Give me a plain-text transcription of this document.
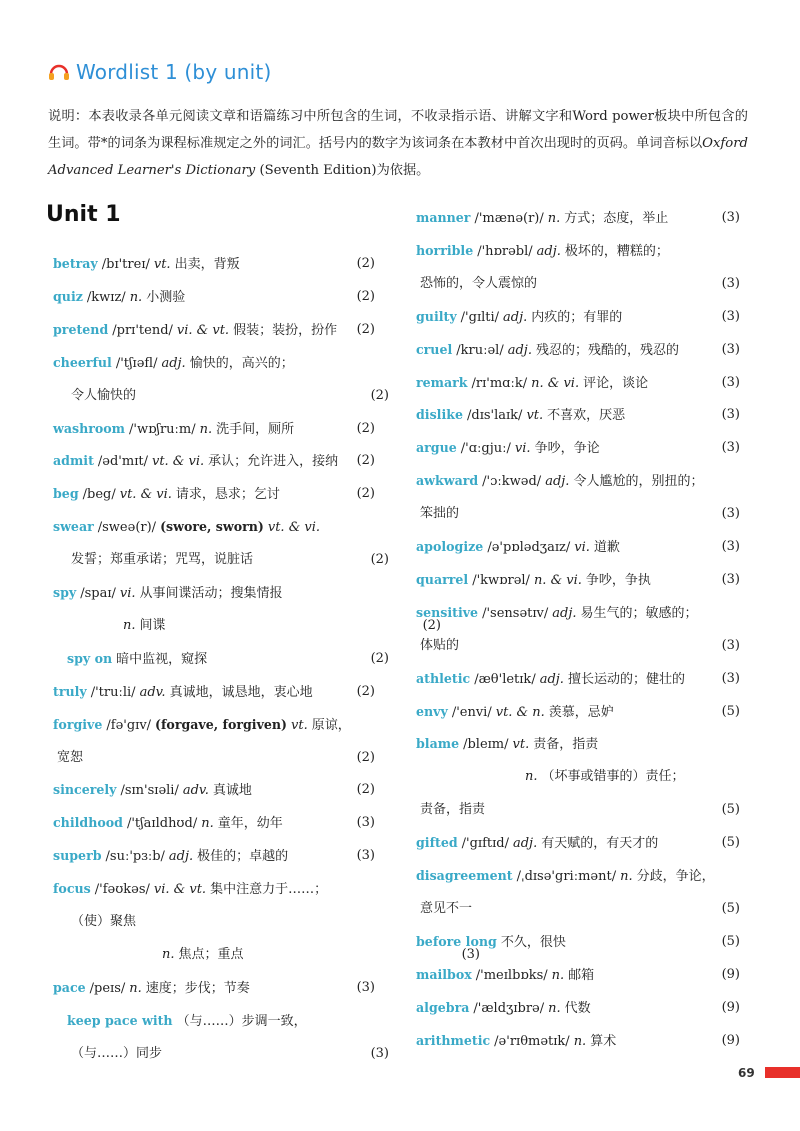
Wordlist 1 (by unit)
说明：本表收录各单元阅读文章和语篇练习中所包含的生词，不收录指示语、讲解文字和Word power板块中所包含的生词。带*的词条为课程标准规定之外的词汇。括号内的数字为该词条在本教材中首次出现时的页码。单词音标以Oxford Advanced Learner's Dictionary (Seventh Edition)为依据。
Unit 1
betray /bɪ'treɪ/ vt. 出卖，背叛	(2)
quiz /kwɪz/ n. 小测验	(2)
pretend /prɪ'tend/ vi. & vt. 假装；装扮，扮作 (2)
cheerful /'tʃɪəfl/ adj. 愉快的，高兴的；
令人愉快的	(2)
washroom /'wɒʃruːm/ n. 洗手间，厕所	(2)
admit /əd'mɪt/ vt. & vi. 承认；允许进入，接纳 (2)
beg /beg/ vt. & vi. 请求，恳求；乞讨	(2)
swear /sweə(r)/ (swore, sworn) vt. & vi.
发誓；郑重承诺；咒骂，说脏话	(2)
spy /spaɪ/ vi. 从事间谍活动；搜集情报
n. 间谍	(2)
spy on 暗中监视，窥探	(2)
truly /'truːli/ adv. 真诚地，诚恳地，衷心地	(2)
forgive /fə'gɪv/ (forgave, forgiven) vt. 原谅，
宽恕	(2)
sincerely /sɪn'sɪəli/ adv. 真诚地	(2)
childhood /'tʃaɪldhʊd/ n. 童年，幼年	(3)
superb /suː'pɜːb/ adj. 极佳的；卓越的	(3)
focus /'fəʊkəs/ vi. & vt. 集中注意力于……；
（使）聚焦
n. 焦点；重点	(3)
pace /peɪs/ n. 速度；步伐；节奏	(3)
keep pace with （与……）步调一致，
（与……）同步	(3)
manner /'mænə(r)/ n. 方式；态度，举止	(3)
horrible /'hɒrəbl/ adj. 极坏的，糟糕的；
恐怖的，令人震惊的	(3)
guilty /'gɪlti/ adj. 内疚的；有罪的	(3)
cruel /kruːəl/ adj. 残忍的；残酷的，残忍的	(3)
remark /rɪ'mɑːk/ n. & vi. 评论，谈论	(3)
dislike /dɪs'laɪk/ vt. 不喜欢，厌恶	(3)
argue /'ɑːgjuː/ vi. 争吵，争论	(3)
awkward /'ɔːkwəd/ adj. 令人尴尬的，别扭的；
笨拙的	(3)
apologize /ə'pɒlədʒaɪz/ vi. 道歉	(3)
quarrel /'kwɒrəl/ n. & vi. 争吵，争执	(3)
sensitive /'sensətɪv/ adj. 易生气的；敏感的；
体贴的	(3)
athletic /æθ'letɪk/ adj. 擅长运动的；健壮的	(3)
envy /'envi/ vt. & n. 羡慕，忌妒	(5)
blame /bleɪm/ vt. 责备，指责
n. （坏事或错事的）责任；
责备，指责	(5)
gifted /'gɪftɪd/ adj. 有天赋的，有天才的	(5)
disagreement /ˌdɪsə'griːmənt/ n. 分歧，争论，
意见不一	(5)
before long 不久，很快	(5)
mailbox /'meɪlbɒks/ n. 邮箱	(9)
algebra /'ældʒɪbrə/ n. 代数	(9)
arithmetic /ə'rɪθmətɪk/ n. 算术	(9)
69
